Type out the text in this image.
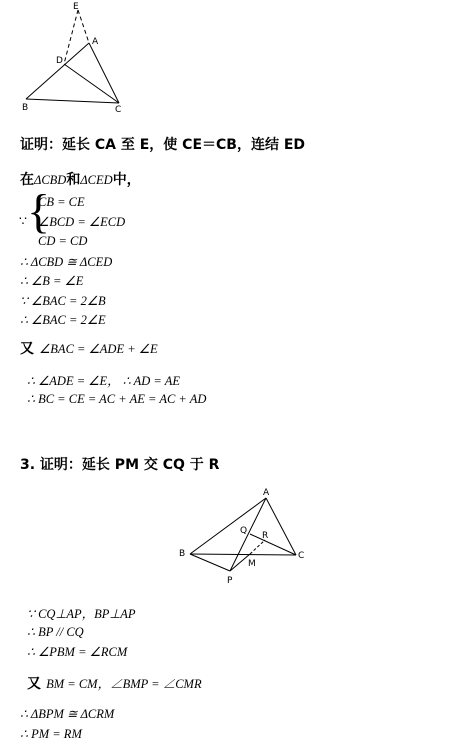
E
A
D
B	C
证明：延长 CA 至 E，使 CE＝CB，连结 ED
在ΔCBD和ΔCED中，
∵ {
CB = CE
∠BCD = ∠ECD
CD = CD
∴ ΔCBD ≅ ΔCED
∴ ∠B = ∠E
∵ ∠BAC = 2∠B
∴ ∠BAC = 2∠E
又 ∠BAC = ∠ADE + ∠E
∴ ∠ADE = ∠E， ∴ AD = AE
∴ BC = CE = AC + AE = AC + AD
3. 证明：延长 PM 交 CQ 于 R
A
Q R
B	C
M
P
∵ CQ⊥AP，BP⊥AP
∴ BP // CQ
∴ ∠PBM = ∠RCM
又 BM = CM，∠BMP = ∠CMR
∴ ΔBPM ≅ ΔCRM
∴ PM = RM
